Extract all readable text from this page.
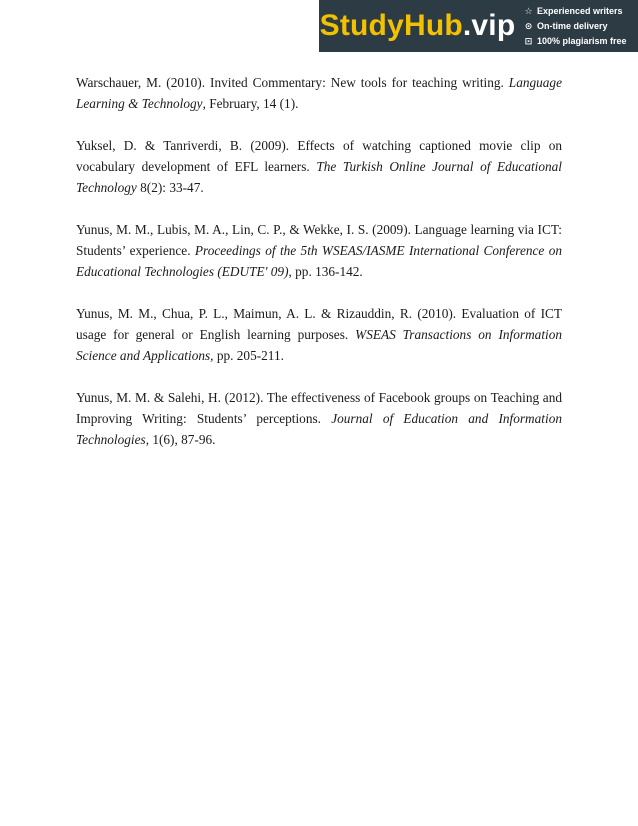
StudyHub .vip ☆ Experienced writers
⊙ On-time delivery
⊡ 100% plagiarism free

Warschauer, M. (2010). Invited Commentary: New tools for teaching writing. Language Learning & Technology, February, 14 (1).

Yuksel, D. & Tanriverdi, B. (2009). Effects of watching captioned movie clip on vocabulary development of EFL learners. The Turkish Online Journal of Educational Technology 8(2): 33-47.

Yunus, M. M., Lubis, M. A., Lin, C. P., & Wekke, I. S. (2009). Language learning via ICT: Students’ experience. Proceedings of the 5th WSEAS/IASME International Conference on Educational Technologies (EDUTE' 09), pp. 136-142.

Yunus, M. M., Chua, P. L., Maimun, A. L. & Rizauddin, R. (2010). Evaluation of ICT usage for general or English learning purposes. WSEAS Transactions on Information Science and Applications, pp. 205-211.

Yunus, M. M. & Salehi, H. (2012). The effectiveness of Facebook groups on Teaching and Improving Writing: Students’ perceptions. Journal of Education and Information Technologies, 1(6), 87-96.
